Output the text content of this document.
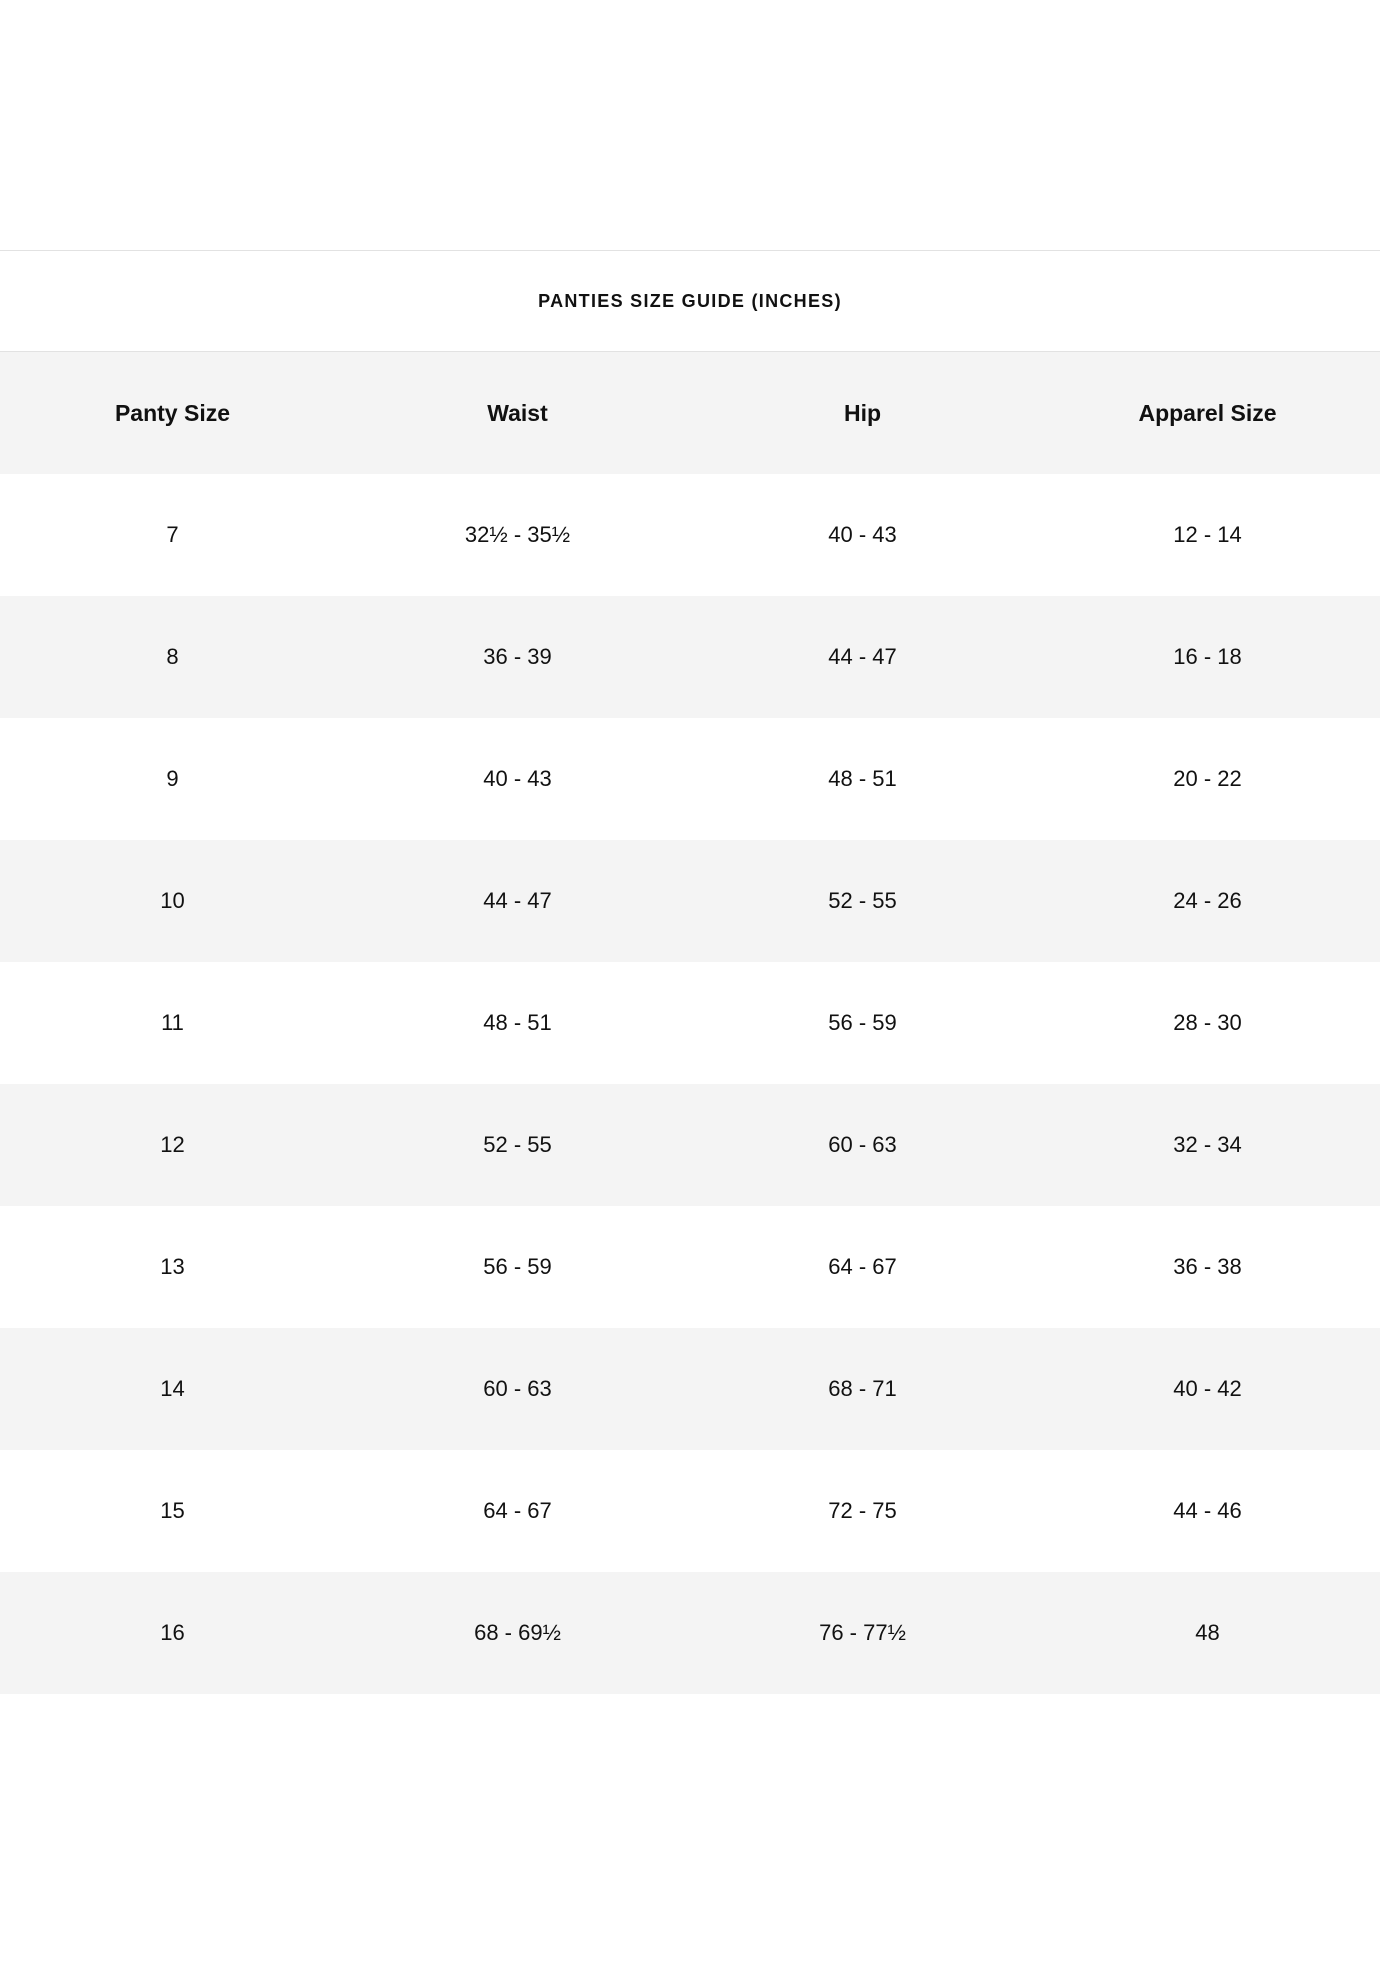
PANTIES SIZE GUIDE (INCHES)
Panty Size	Waist	Hip	Apparel Size
7	32½ - 35½	40 - 43	12 - 14
8	36 - 39	44 - 47	16 - 18
9	40 - 43	48 - 51	20 - 22
10	44 - 47	52 - 55	24 - 26
11	48 - 51	56 - 59	28 - 30
12	52 - 55	60 - 63	32 - 34
13	56 - 59	64 - 67	36 - 38
14	60 - 63	68 - 71	40 - 42
15	64 - 67	72 - 75	44 - 46
16	68 - 69½	76 - 77½	48
